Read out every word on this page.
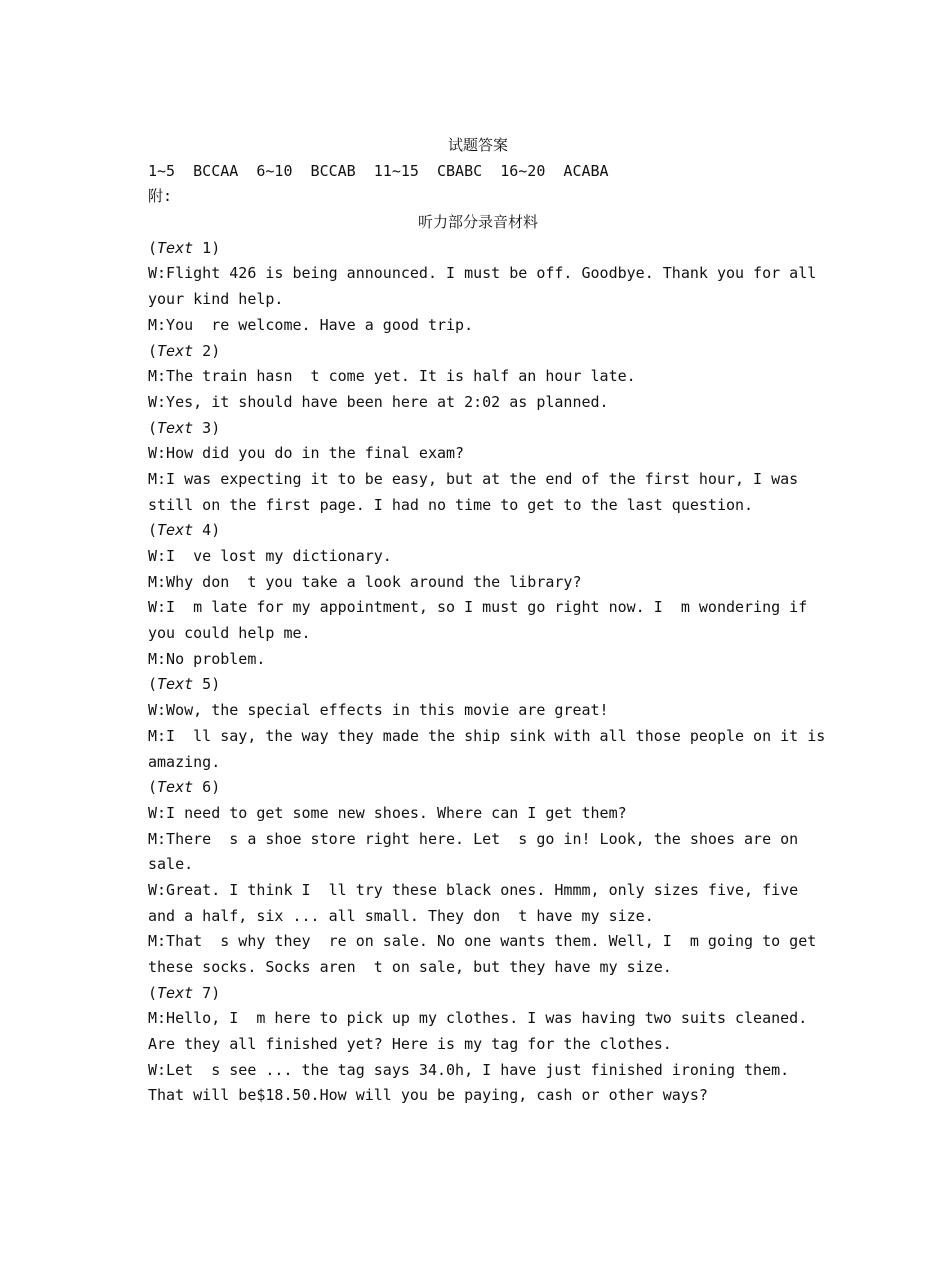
试题答案
1~5  BCCAA  6~10  BCCAB  11~15  CBABC  16~20  ACABA
附:
听力部分录音材料
(Text 1)
W:Flight 426 is being announced. I must be off. Goodbye. Thank you for all
your kind help.
M:You  re welcome. Have a good trip.
(Text 2)
M:The train hasn  t come yet. It is half an hour late.
W:Yes, it should have been here at 2:02 as planned.
(Text 3)
W:How did you do in the final exam?
M:I was expecting it to be easy, but at the end of the first hour, I was
still on the first page. I had no time to get to the last question.
(Text 4)
W:I  ve lost my dictionary.
M:Why don  t you take a look around the library?
W:I  m late for my appointment, so I must go right now. I  m wondering if
you could help me.
M:No problem.
(Text 5)
W:Wow, the special effects in this movie are great!
M:I  ll say, the way they made the ship sink with all those people on it is
amazing.
(Text 6)
W:I need to get some new shoes. Where can I get them?
M:There  s a shoe store right here. Let  s go in! Look, the shoes are on
sale.
W:Great. I think I  ll try these black ones. Hmmm, only sizes five, five
and a half, six ... all small. They don  t have my size.
M:That  s why they  re on sale. No one wants them. Well, I  m going to get
these socks. Socks aren  t on sale, but they have my size.
(Text 7)
M:Hello, I  m here to pick up my clothes. I was having two suits cleaned.
Are they all finished yet? Here is my tag for the clothes.
W:Let  s see ... the tag says 34.0h, I have just finished ironing them.
That will be$18.50.How will you be paying, cash or other ways?
